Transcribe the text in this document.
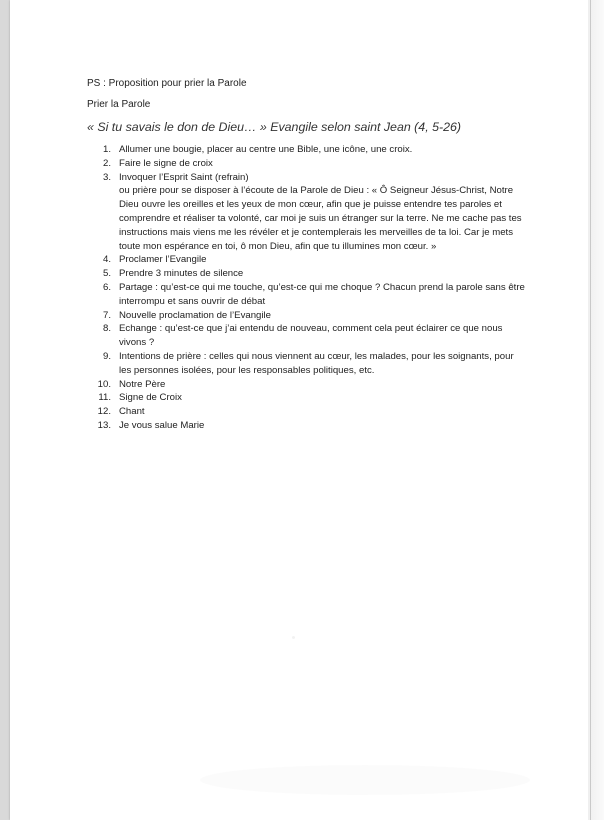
PS : Proposition pour prier la Parole

Prier la Parole

« Si tu savais le don de Dieu… » Evangile selon saint Jean (4, 5-26)

1. Allumer une bougie, placer au centre une Bible, une icône, une croix.
2. Faire le signe de croix
3. Invoquer l’Esprit Saint (refrain)
ou prière pour se disposer à l’écoute de la Parole de Dieu : « Ô Seigneur Jésus-Christ, Notre Dieu ouvre les oreilles et les yeux de mon cœur, afin que je puisse entendre tes paroles et comprendre et réaliser ta volonté, car moi je suis un étranger sur la terre. Ne me cache pas tes instructions mais viens me les révéler et je contemplerais les merveilles de ta loi. Car je mets toute mon espérance en toi, ô mon Dieu, afin que tu illumines mon cœur. »
4. Proclamer l’Evangile
5. Prendre 3 minutes de silence
6. Partage : qu’est-ce qui me touche, qu’est-ce qui me choque ? Chacun prend la parole sans être interrompu et sans ouvrir de débat
7. Nouvelle proclamation de l’Evangile
8. Echange : qu’est-ce que j’ai entendu de nouveau, comment cela peut éclairer ce que nous vivons ?
9. Intentions de prière : celles qui nous viennent au cœur, les malades, pour les soignants, pour les personnes isolées, pour les responsables politiques, etc.
10. Notre Père
11. Signe de Croix
12. Chant
13. Je vous salue Marie
